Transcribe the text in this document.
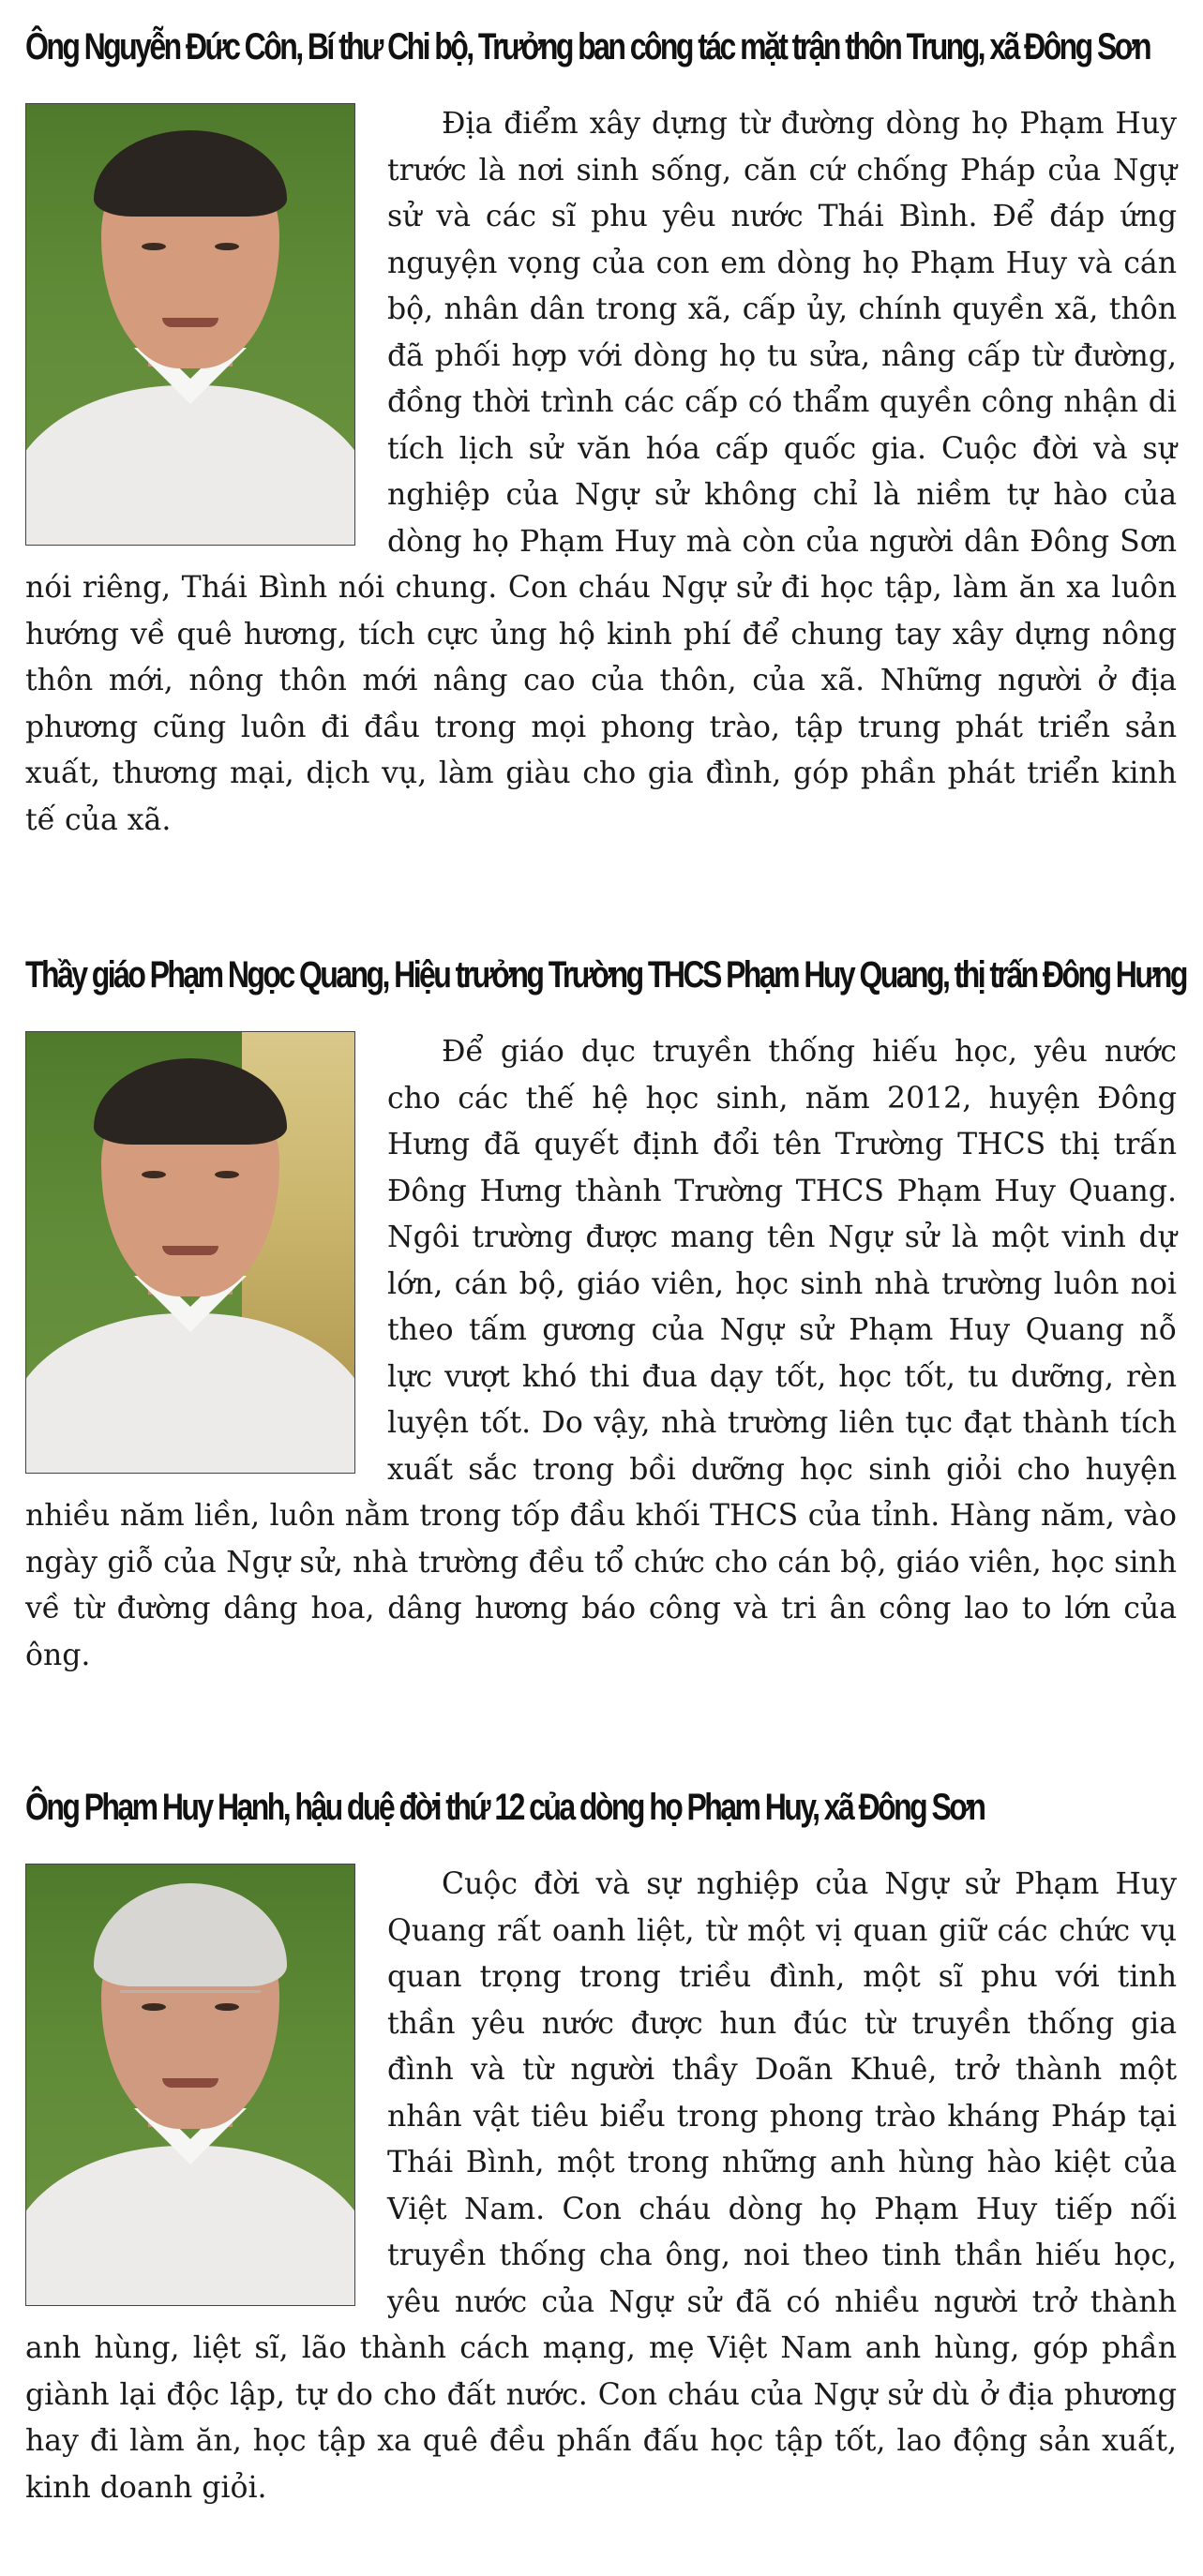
Ông Nguyễn Đức Côn, Bí thư Chi bộ, Trưởng ban công tác mặt trận thôn Trung, xã Đông Sơn

Địa điểm xây dựng từ đường dòng họ Phạm Huy trước là nơi sinh sống, căn cứ chống Pháp của Ngự sử và các sĩ phu yêu nước Thái Bình. Để đáp ứng nguyện vọng của con em dòng họ Phạm Huy và cán bộ, nhân dân trong xã, cấp ủy, chính quyền xã, thôn đã phối hợp với dòng họ tu sửa, nâng cấp từ đường, đồng thời trình các cấp có thẩm quyền công nhận di tích lịch sử văn hóa cấp quốc gia. Cuộc đời và sự nghiệp của Ngự sử không chỉ là niềm tự hào của dòng họ Phạm Huy mà còn của người dân Đông Sơn nói riêng, Thái Bình nói chung. Con cháu Ngự sử đi học tập, làm ăn xa luôn hướng về quê hương, tích cực ủng hộ kinh phí để chung tay xây dựng nông thôn mới, nông thôn mới nâng cao của thôn, của xã. Những người ở địa phương cũng luôn đi đầu trong mọi phong trào, tập trung phát triển sản xuất, thương mại, dịch vụ, làm giàu cho gia đình, góp phần phát triển kinh tế của xã.

Thầy giáo Phạm Ngọc Quang, Hiệu trưởng Trường THCS Phạm Huy Quang, thị trấn Đông Hưng

Để giáo dục truyền thống hiếu học, yêu nước cho các thế hệ học sinh, năm 2012, huyện Đông Hưng đã quyết định đổi tên Trường THCS thị trấn Đông Hưng thành Trường THCS Phạm Huy Quang. Ngôi trường được mang tên Ngự sử là một vinh dự lớn, cán bộ, giáo viên, học sinh nhà trường luôn noi theo tấm gương của Ngự sử Phạm Huy Quang nỗ lực vượt khó thi đua dạy tốt, học tốt, tu dưỡng, rèn luyện tốt. Do vậy, nhà trường liên tục đạt thành tích xuất sắc trong bồi dưỡng học sinh giỏi cho huyện nhiều năm liền, luôn nằm trong tốp đầu khối THCS của tỉnh. Hàng năm, vào ngày giỗ của Ngự sử, nhà trường đều tổ chức cho cán bộ, giáo viên, học sinh về từ đường dâng hoa, dâng hương báo công và tri ân công lao to lớn của ông.

Ông Phạm Huy Hạnh, hậu duệ đời thứ 12 của dòng họ Phạm Huy, xã Đông Sơn

Cuộc đời và sự nghiệp của Ngự sử Phạm Huy Quang rất oanh liệt, từ một vị quan giữ các chức vụ quan trọng trong triều đình, một sĩ phu với tinh thần yêu nước được hun đúc từ truyền thống gia đình và từ người thầy Doãn Khuê, trở thành một nhân vật tiêu biểu trong phong trào kháng Pháp tại Thái Bình, một trong những anh hùng hào kiệt của Việt Nam. Con cháu dòng họ Phạm Huy tiếp nối truyền thống cha ông, noi theo tinh thần hiếu học, yêu nước của Ngự sử đã có nhiều người trở thành anh hùng, liệt sĩ, lão thành cách mạng, mẹ Việt Nam anh hùng, góp phần giành lại độc lập, tự do cho đất nước. Con cháu của Ngự sử dù ở địa phương hay đi làm ăn, học tập xa quê đều phấn đấu học tập tốt, lao động sản xuất, kinh doanh giỏi.
